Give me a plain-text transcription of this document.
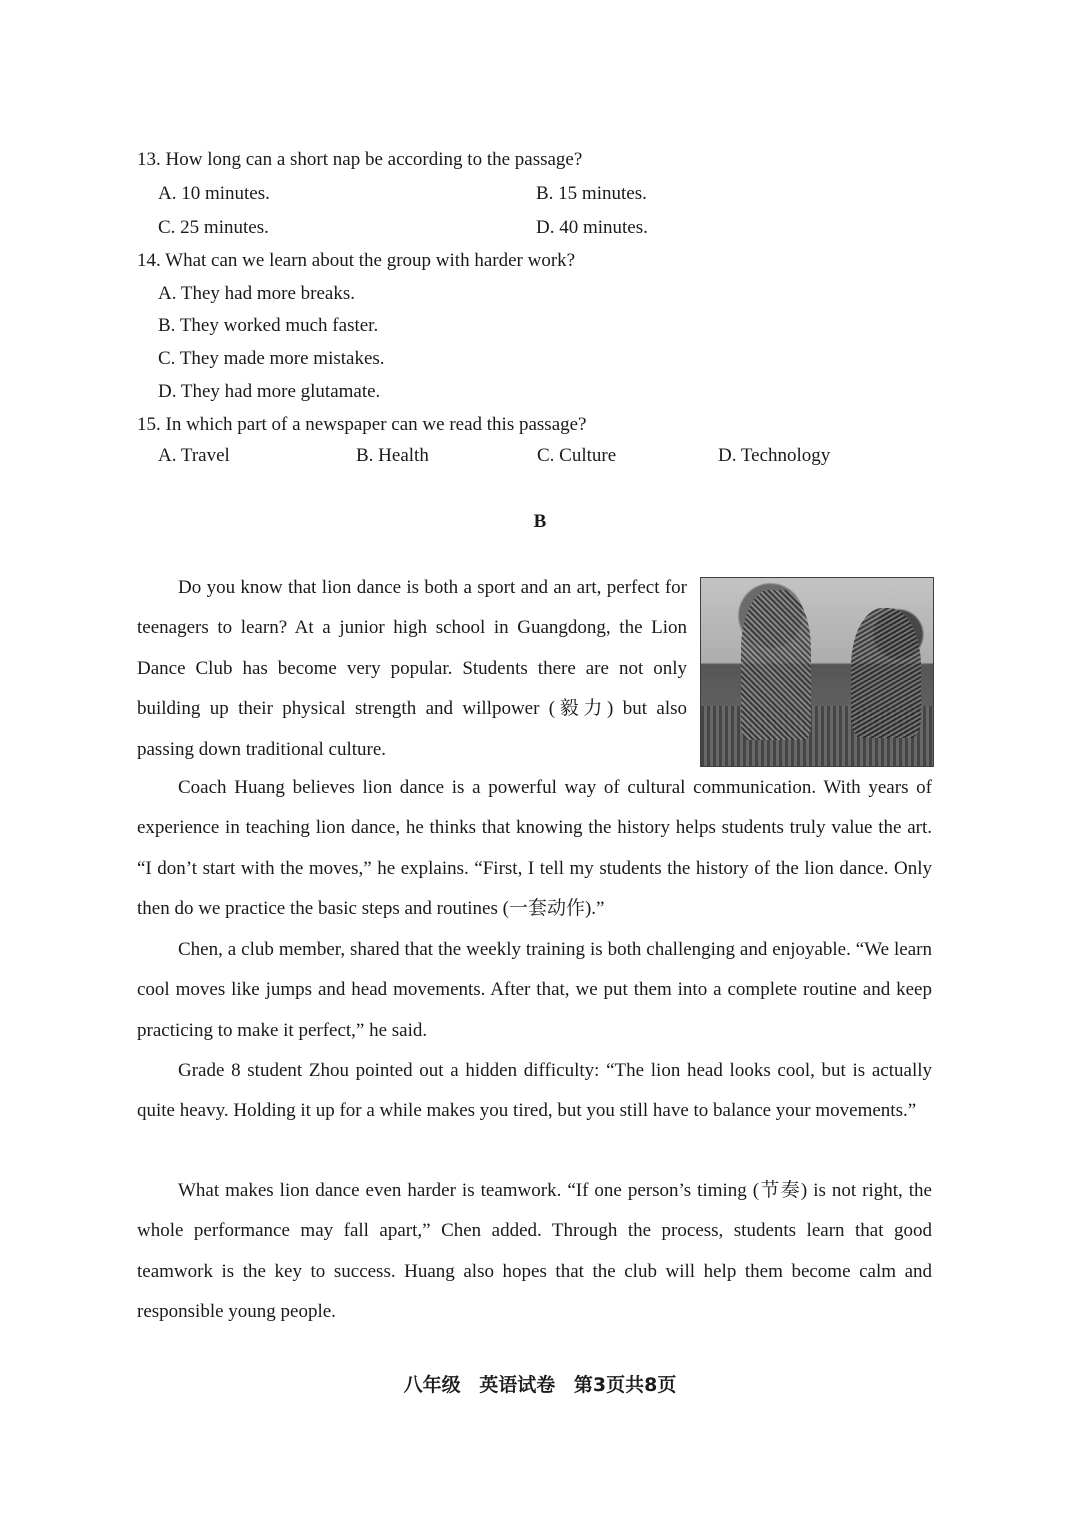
13. How long can a short nap be according to the passage?
A. 10 minutes.	B. 15 minutes.
C. 25 minutes.	D. 40 minutes.
14. What can we learn about the group with harder work?
A. They had more breaks.
B. They worked much faster.
C. They made more mistakes.
D. They had more glutamate.
15. In which part of a newspaper can we read this passage?
A. Travel	B. Health	C. Culture	D. Technology
B
Do you know that lion dance is both a sport and an art, perfect for teenagers to learn? At a junior high school in Guangdong, the Lion Dance Club has become very popular. Students there are not only building up their physical strength and willpower (毅力) but also passing down traditional culture.
Coach Huang believes lion dance is a powerful way of cultural communication. With years of experience in teaching lion dance, he thinks that knowing the history helps students truly value the art. “I don’t start with the moves,” he explains. “First, I tell my students the history of the lion dance. Only then do we practice the basic steps and routines (一套动作).”
Chen, a club member, shared that the weekly training is both challenging and enjoyable. “We learn cool moves like jumps and head movements. After that, we put them into a complete routine and keep practicing to make it perfect,” he said.
Grade 8 student Zhou pointed out a hidden difficulty: “The lion head looks cool, but is actually quite heavy. Holding it up for a while makes you tired, but you still have to balance your movements.”
What makes lion dance even harder is teamwork. “If one person’s timing (节奏) is not right, the whole performance may fall apart,” Chen added. Through the process, students learn that good teamwork is the key to success. Huang also hopes that the club will help them become calm and responsible young people.
八年级 英语试卷 第3页共8页
